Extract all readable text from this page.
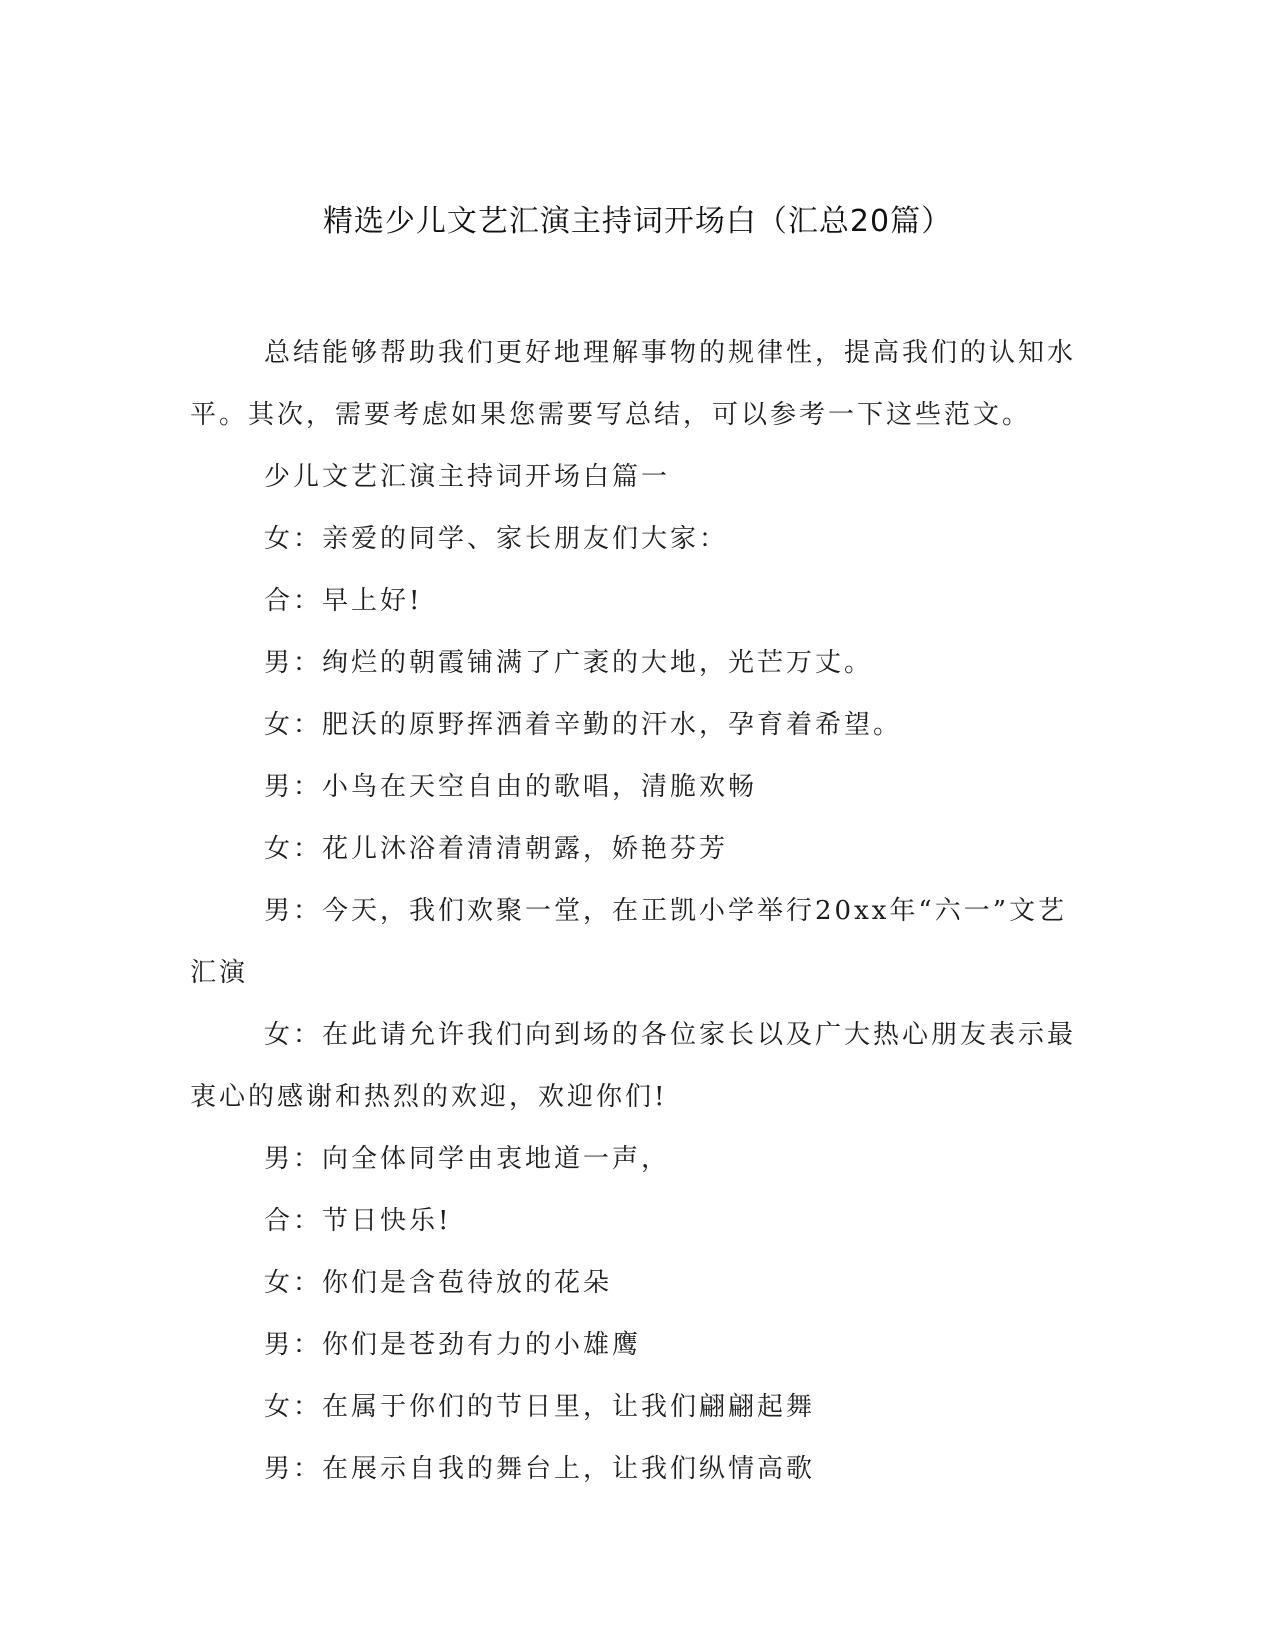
精选少儿文艺汇演主持词开场白（汇总20篇）

总结能够帮助我们更好地理解事物的规律性，提高我们的认知水平。其次，需要考虑如果您需要写总结，可以参考一下这些范文。

少儿文艺汇演主持词开场白篇一

女：亲爱的同学、家长朋友们大家：

合：早上好!

男：绚烂的朝霞铺满了广袤的大地，光芒万丈。

女：肥沃的原野挥洒着辛勤的汗水，孕育着希望。

男：小鸟在天空自由的歌唱，清脆欢畅

女：花儿沐浴着清清朝露，娇艳芬芳

男：今天，我们欢聚一堂，在正凯小学举行20xx年“六一”文艺汇演

女：在此请允许我们向到场的各位家长以及广大热心朋友表示最衷心的感谢和热烈的欢迎，欢迎你们!

男：向全体同学由衷地道一声，

合：节日快乐!

女：你们是含苞待放的花朵

男：你们是苍劲有力的小雄鹰

女：在属于你们的节日里，让我们翩翩起舞

男：在展示自我的舞台上，让我们纵情高歌
